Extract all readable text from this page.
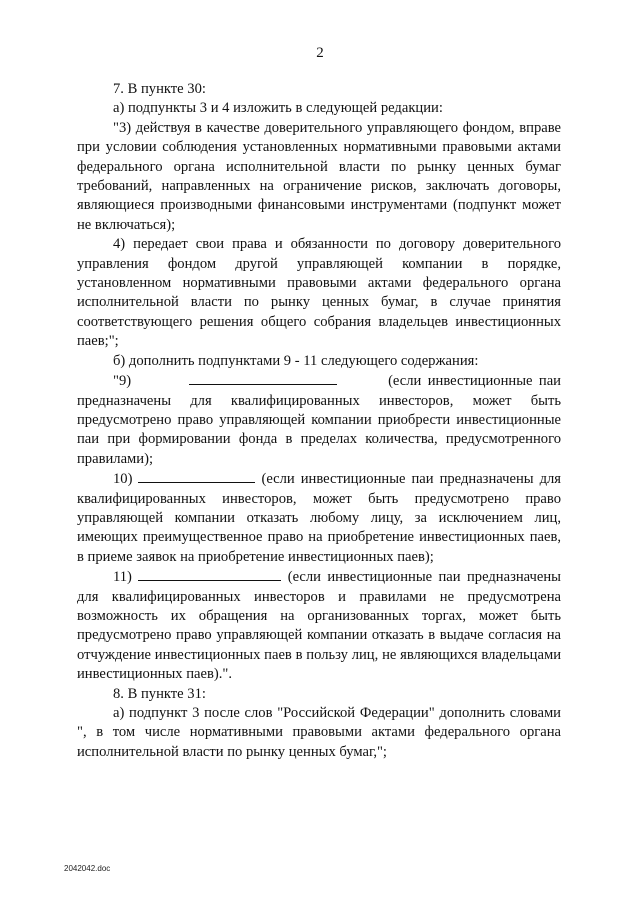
2

7. В пункте 30:

а) подпункты 3 и 4 изложить в следующей редакции:

"3) действуя в качестве доверительного управляющего фондом, вправе при условии соблюдения установленных нормативными правовыми актами федерального органа исполнительной власти по рынку ценных бумаг требований, направленных на ограничение рисков, заключать договоры, являющиеся производными финансовыми инструментами (подпункт может не включаться);

4) передает свои права и обязанности по договору доверительного управления фондом другой управляющей компании в порядке, установленном нормативными правовыми актами федерального органа исполнительной власти по рынку ценных бумаг, в случае принятия соответствующего решения общего собрания владельцев инвестиционных паев;";

б) дополнить подпунктами 9 - 11 следующего содержания:

"9)	(если инвестиционные паи предназначены для квалифицированных инвесторов, может быть предусмотрено право управляющей компании приобрести инвестиционные паи при формировании фонда в пределах количества, предусмотренного правилами);

10)	(если инвестиционные паи предназначены для квалифицированных инвесторов, может быть предусмотрено право управляющей компании отказать любому лицу, за исключением лиц, имеющих преимущественное право на приобретение инвестиционных паев, в приеме заявок на приобретение инвестиционных паев);

11)	(если инвестиционные паи предназначены для квалифицированных инвесторов и правилами не предусмотрена возможность их обращения на организованных торгах, может быть предусмотрено право управляющей компании отказать в выдаче согласия на отчуждение инвестиционных паев в пользу лиц, не являющихся владельцами инвестиционных паев).".

8. В пункте 31:

а) подпункт 3 после слов "Российской Федерации" дополнить словами ", в том числе нормативными правовыми актами федерального органа исполнительной власти по рынку ценных бумаг,";

2042042.doc
